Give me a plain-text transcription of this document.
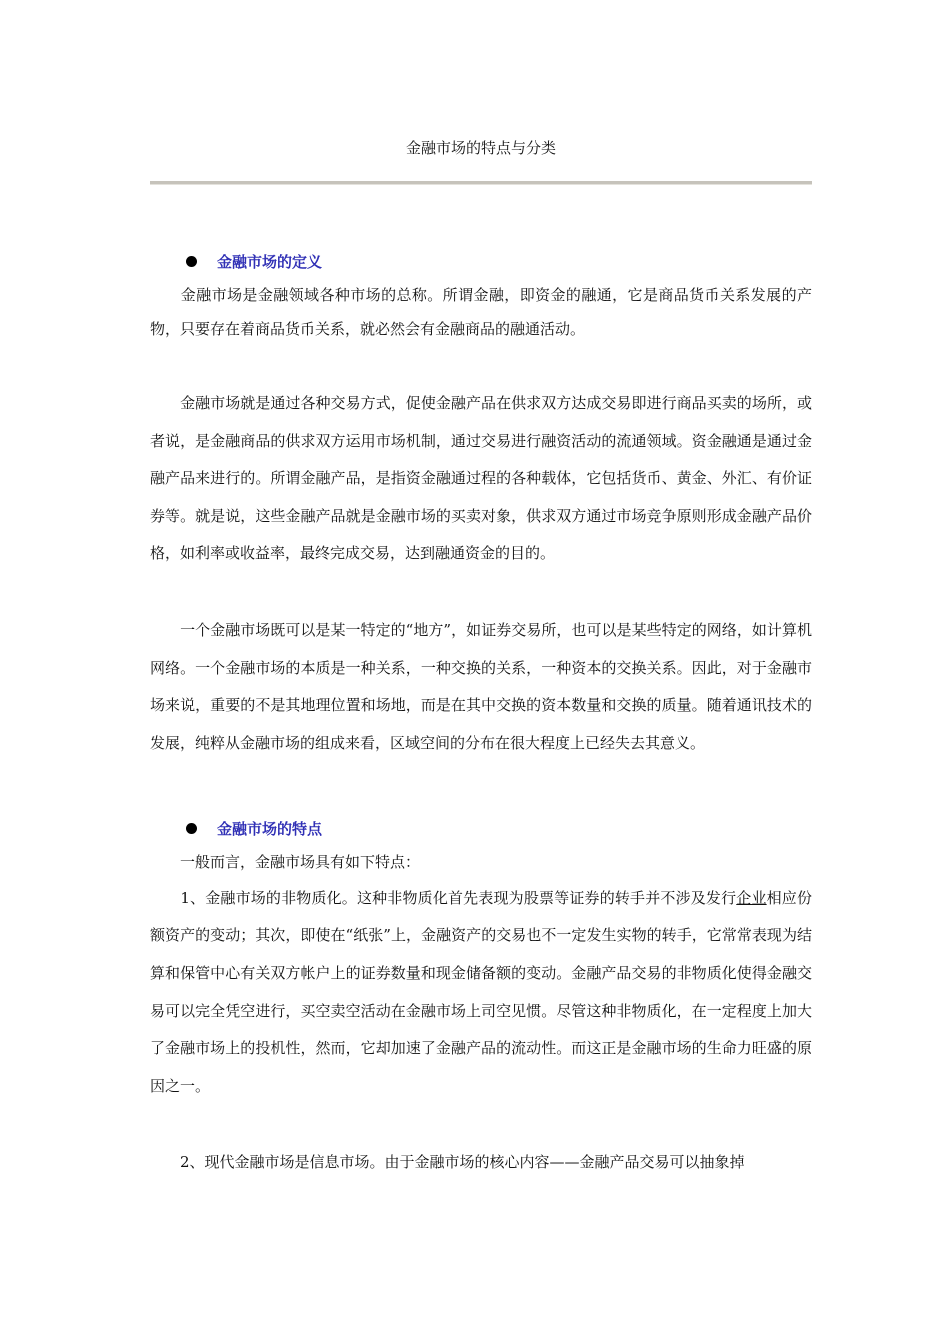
金融市场的特点与分类
金融市场的定义

　　金融市场是金融领域各种市场的总称。所谓金融，即资金的融通，它是商品货币关系发展的产物，只要存在着商品货币关系，就必然会有金融商品的融通活动。

　　金融市场就是通过各种交易方式，促使金融产品在供求双方达成交易即进行商品买卖的场所，或者说，是金融商品的供求双方运用市场机制，通过交易进行融资活动的流通领域。资金融通是通过金融产品来进行的。所谓金融产品，是指资金融通过程的各种载体，它包括货币、黄金、外汇、有价证券等。就是说，这些金融产品就是金融市场的买卖对象，供求双方通过市场竞争原则形成金融产品价格，如利率或收益率，最终完成交易，达到融通资金的目的。

　　一个金融市场既可以是某一特定的“地方”，如证券交易所，也可以是某些特定的网络，如计算机网络。一个金融市场的本质是一种关系，一种交换的关系，一种资本的交换关系。因此，对于金融市场来说，重要的不是其地理位置和场地，而是在其中交换的资本数量和交换的质量。随着通讯技术的发展，纯粹从金融市场的组成来看，区域空间的分布在很大程度上已经失去其意义。

金融市场的特点

　　一般而言，金融市场具有如下特点：

　　1、金融市场的非物质化。这种非物质化首先表现为股票等证券的转手并不涉及发行企业相应份额资产的变动；其次，即使在“纸张”上，金融资产的交易也不一定发生实物的转手，它常常表现为结算和保管中心有关双方帐户上的证券数量和现金储备额的变动。金融产品交易的非物质化使得金融交易可以完全凭空进行，买空卖空活动在金融市场上司空见惯。尽管这种非物质化，在一定程度上加大了金融市场上的投机性，然而，它却加速了金融产品的流动性。而这正是金融市场的生命力旺盛的原因之一。

　　2、现代金融市场是信息市场。由于金融市场的核心内容——金融产品交易可以抽象掉
